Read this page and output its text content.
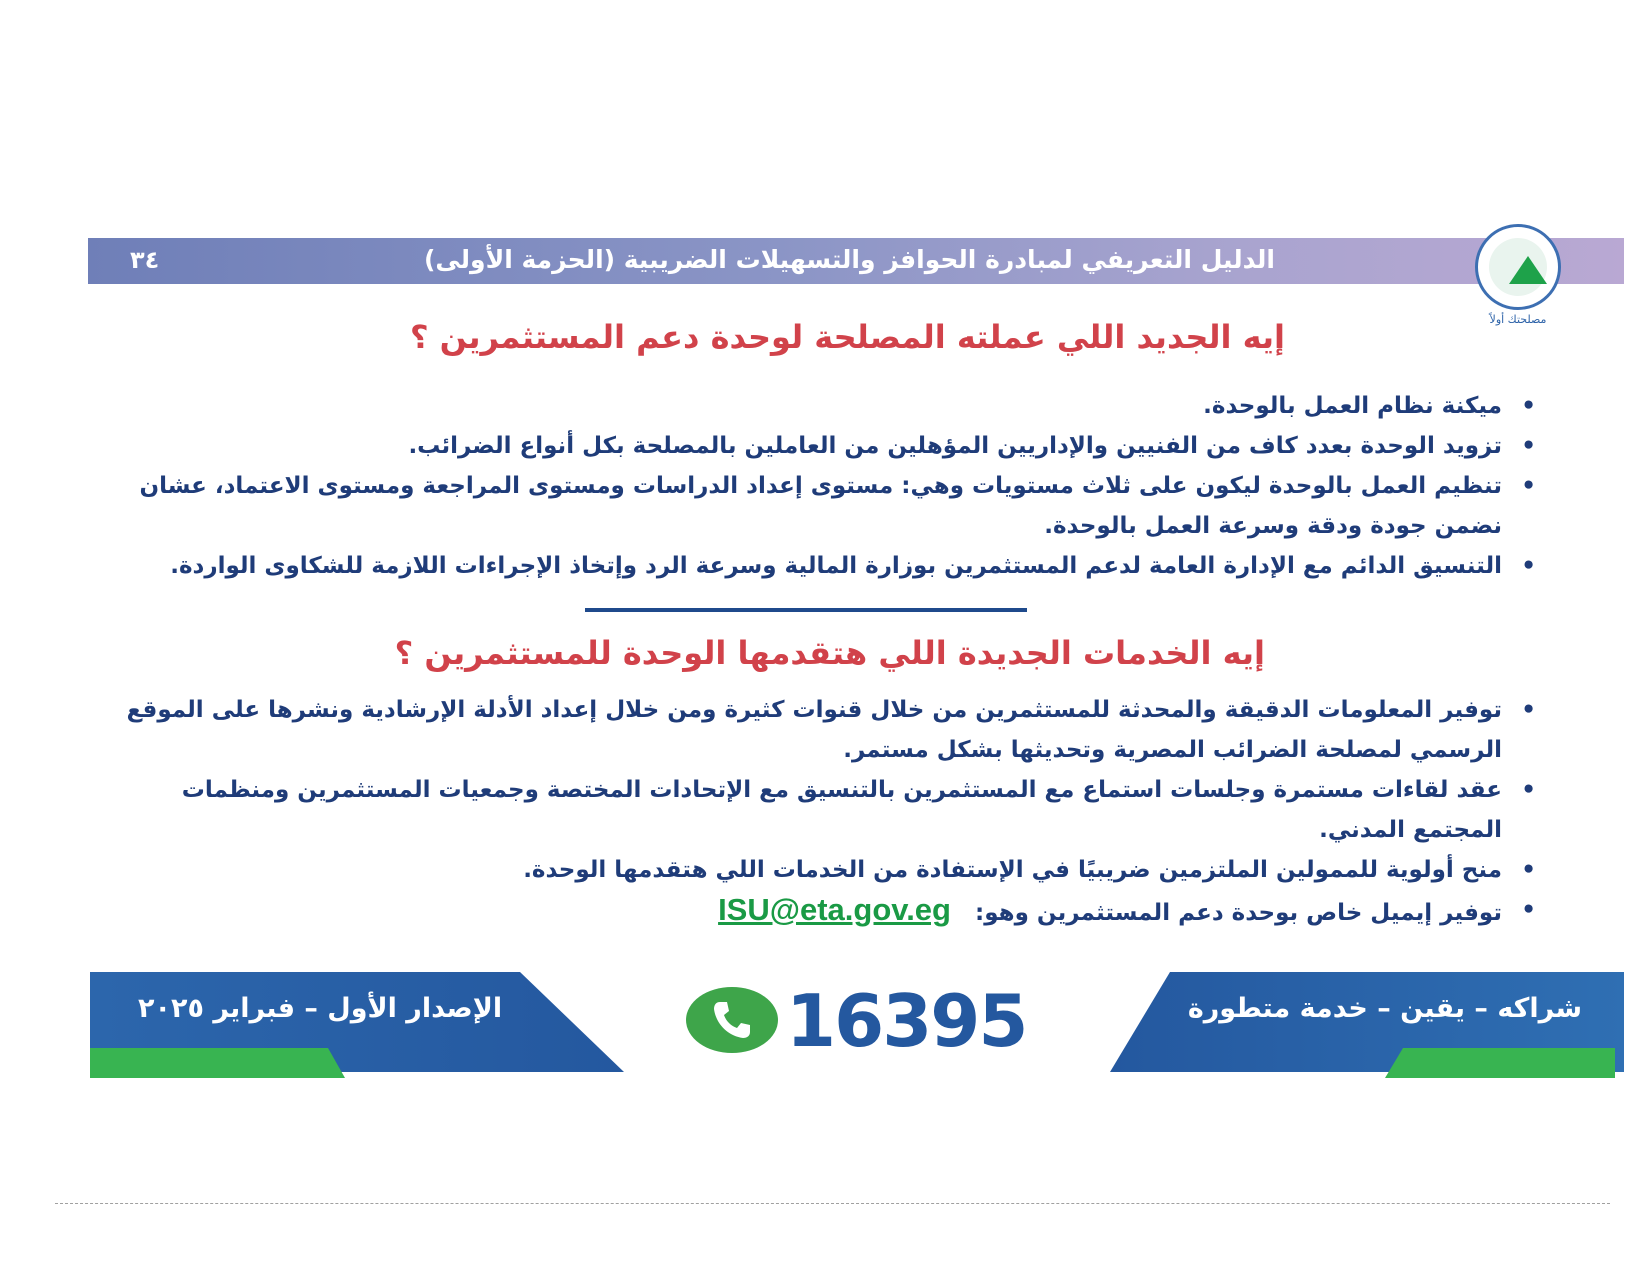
الدليل التعريفي لمبادرة الحوافز والتسهيلات الضريبية (الحزمة الأولى)
٣٤
مصلحتك أولاً
إيه الجديد اللي عملته المصلحة لوحدة دعم المستثمرين ؟
• ميكنة نظام العمل بالوحدة.
• تزويد الوحدة بعدد كاف من الفنيين والإداريين المؤهلين من العاملين بالمصلحة بكل أنواع الضرائب.
• تنظيم العمل بالوحدة ليكون على ثلاث مستويات وهي: مستوى إعداد الدراسات ومستوى المراجعة ومستوى الاعتماد، عشان نضمن جودة ودقة وسرعة العمل بالوحدة.
• التنسيق الدائم مع الإدارة العامة لدعم المستثمرين بوزارة المالية وسرعة الرد وإتخاذ الإجراءات اللازمة للشكاوى الواردة.
إيه الخدمات الجديدة اللي هتقدمها الوحدة للمستثمرين ؟
• توفير المعلومات الدقيقة والمحدثة للمستثمرين من خلال قنوات كثيرة ومن خلال إعداد الأدلة الإرشادية ونشرها على الموقع الرسمي لمصلحة الضرائب المصرية وتحديثها بشكل مستمر.
• عقد لقاءات مستمرة وجلسات استماع مع المستثمرين بالتنسيق مع الإتحادات المختصة وجمعيات المستثمرين ومنظمات المجتمع المدني.
• منح أولوية للممولين الملتزمين ضريبيًا في الإستفادة من الخدمات اللي هتقدمها الوحدة.
• توفير إيميل خاص بوحدة دعم المستثمرين وهو:   ISU@eta.gov.eg
شراكه – يقين – خدمة متطورة
الإصدار الأول – فبراير ٢٠٢٥	16395
